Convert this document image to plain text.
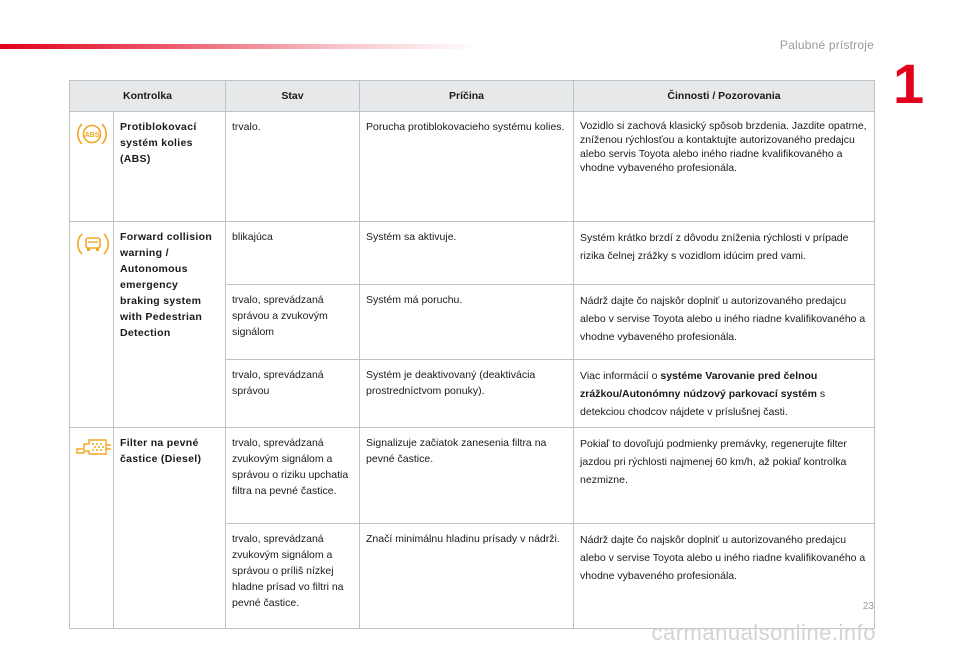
Palubné prístroje
1
Kontrolka		Stav	Príčina	Činnosti / Pozorovania

ABS	Protiblokovací systém kolies (ABS)	trvalo.	Porucha protiblokovacieho systému kolies.	Vozidlo si zachová klasický spôsob brzdenia. Jazdite opatrne, zníženou rýchlosťou a kontaktujte autorizovaného predajcu alebo servis Toyota alebo iného riadne kvalifikovaného a vhodne vybaveného profesionála.
	Forward collision warning / Autonomous emergency braking system with Pedestrian Detection	blikajúca	Systém sa aktivuje.	Systém krátko brzdí z dôvodu zníženia rýchlosti v prípade rizika čelnej zrážky s vozidlom idúcim pred vami.
		trvalo, sprevádzaná správou a zvukovým signálom	Systém má poruchu.	Nádrž dajte čo najskôr doplniť u autorizovaného predajcu alebo v servise Toyota alebo u iného riadne kvalifikovaného a vhodne vybaveného profesionála.
		trvalo, sprevádzaná správou	Systém je deaktivovaný (deaktivácia prostredníctvom ponuky).	Viac informácií o systéme Varovanie pred čelnou zrážkou/Autonómny núdzový parkovací systém s detekciou chodcov nájdete v príslušnej časti.
	Filter na pevné častice (Diesel)	trvalo, sprevádzaná zvukovým signálom a správou o riziku upchatia filtra na pevné častice.	Signalizuje začiatok zanesenia filtra na pevné častice.	Pokiaľ to dovoľujú podmienky premávky, regenerujte filter jazdou pri rýchlosti najmenej 60 km/h, až pokiaľ kontrolka nezmizne.
		trvalo, sprevádzaná zvukovým signálom a správou o príliš nízkej hladne prísad vo filtri na pevné častice.	Značí minimálnu hladinu prísady v nádrži.	Nádrž dajte čo najskôr doplniť u autorizovaného predajcu alebo v servise Toyota alebo u iného riadne kvalifikovaného a vhodne vybaveného profesionála.
23
carmanualsonline.info
